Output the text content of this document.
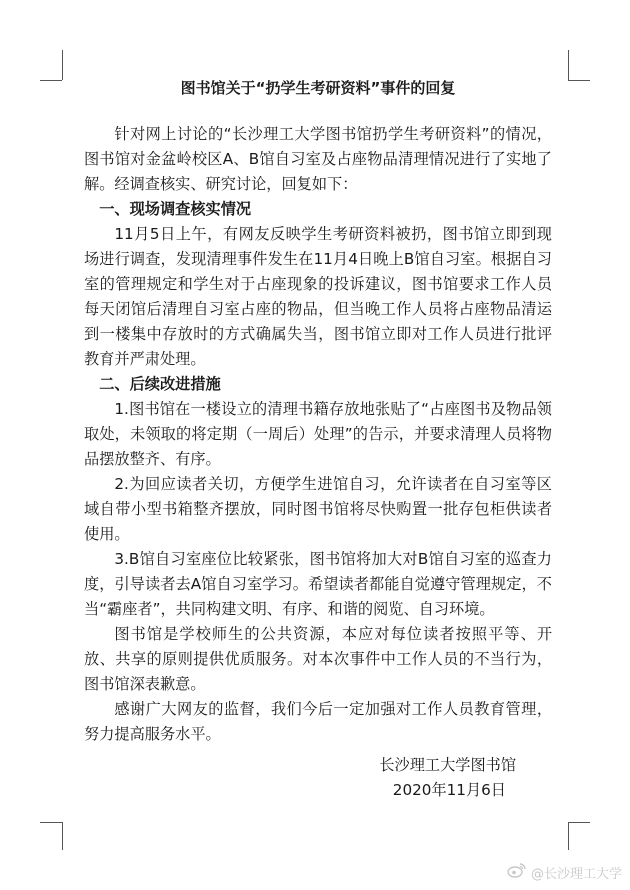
图书馆关于“扔学生考研资料”事件的回复

针对网上讨论的“长沙理工大学图书馆扔学生考研资料”的情况，图书馆对金盆岭校区A、B馆自习室及占座物品清理情况进行了实地了解。经调查核实、研究讨论，回复如下：

一、现场调查核实情况

11月5日上午，有网友反映学生考研资料被扔，图书馆立即到现场进行调查，发现清理事件发生在11月4日晚上B馆自习室。根据自习室的管理规定和学生对于占座现象的投诉建议，图书馆要求工作人员每天闭馆后清理自习室占座的物品，但当晚工作人员将占座物品清运到一楼集中存放时的方式确属失当，图书馆立即对工作人员进行批评教育并严肃处理。

二、后续改进措施

1.图书馆在一楼设立的清理书籍存放地张贴了“占座图书及物品领取处，未领取的将定期（一周后）处理”的告示，并要求清理人员将物品摆放整齐、有序。

2.为回应读者关切，方便学生进馆自习，允许读者在自习室等区域自带小型书箱整齐摆放，同时图书馆将尽快购置一批存包柜供读者使用。

3.B馆自习室座位比较紧张，图书馆将加大对B馆自习室的巡查力度，引导读者去A馆自习室学习。希望读者都能自觉遵守管理规定，不当“霸座者”，共同构建文明、有序、和谐的阅览、自习环境。

图书馆是学校师生的公共资源，本应对每位读者按照平等、开放、共享的原则提供优质服务。对本次事件中工作人员的不当行为，图书馆深表歉意。

感谢广大网友的监督，我们今后一定加强对工作人员教育管理，努力提高服务水平。

长沙理工大学图书馆
2020年11月6日
@长沙理工大学
